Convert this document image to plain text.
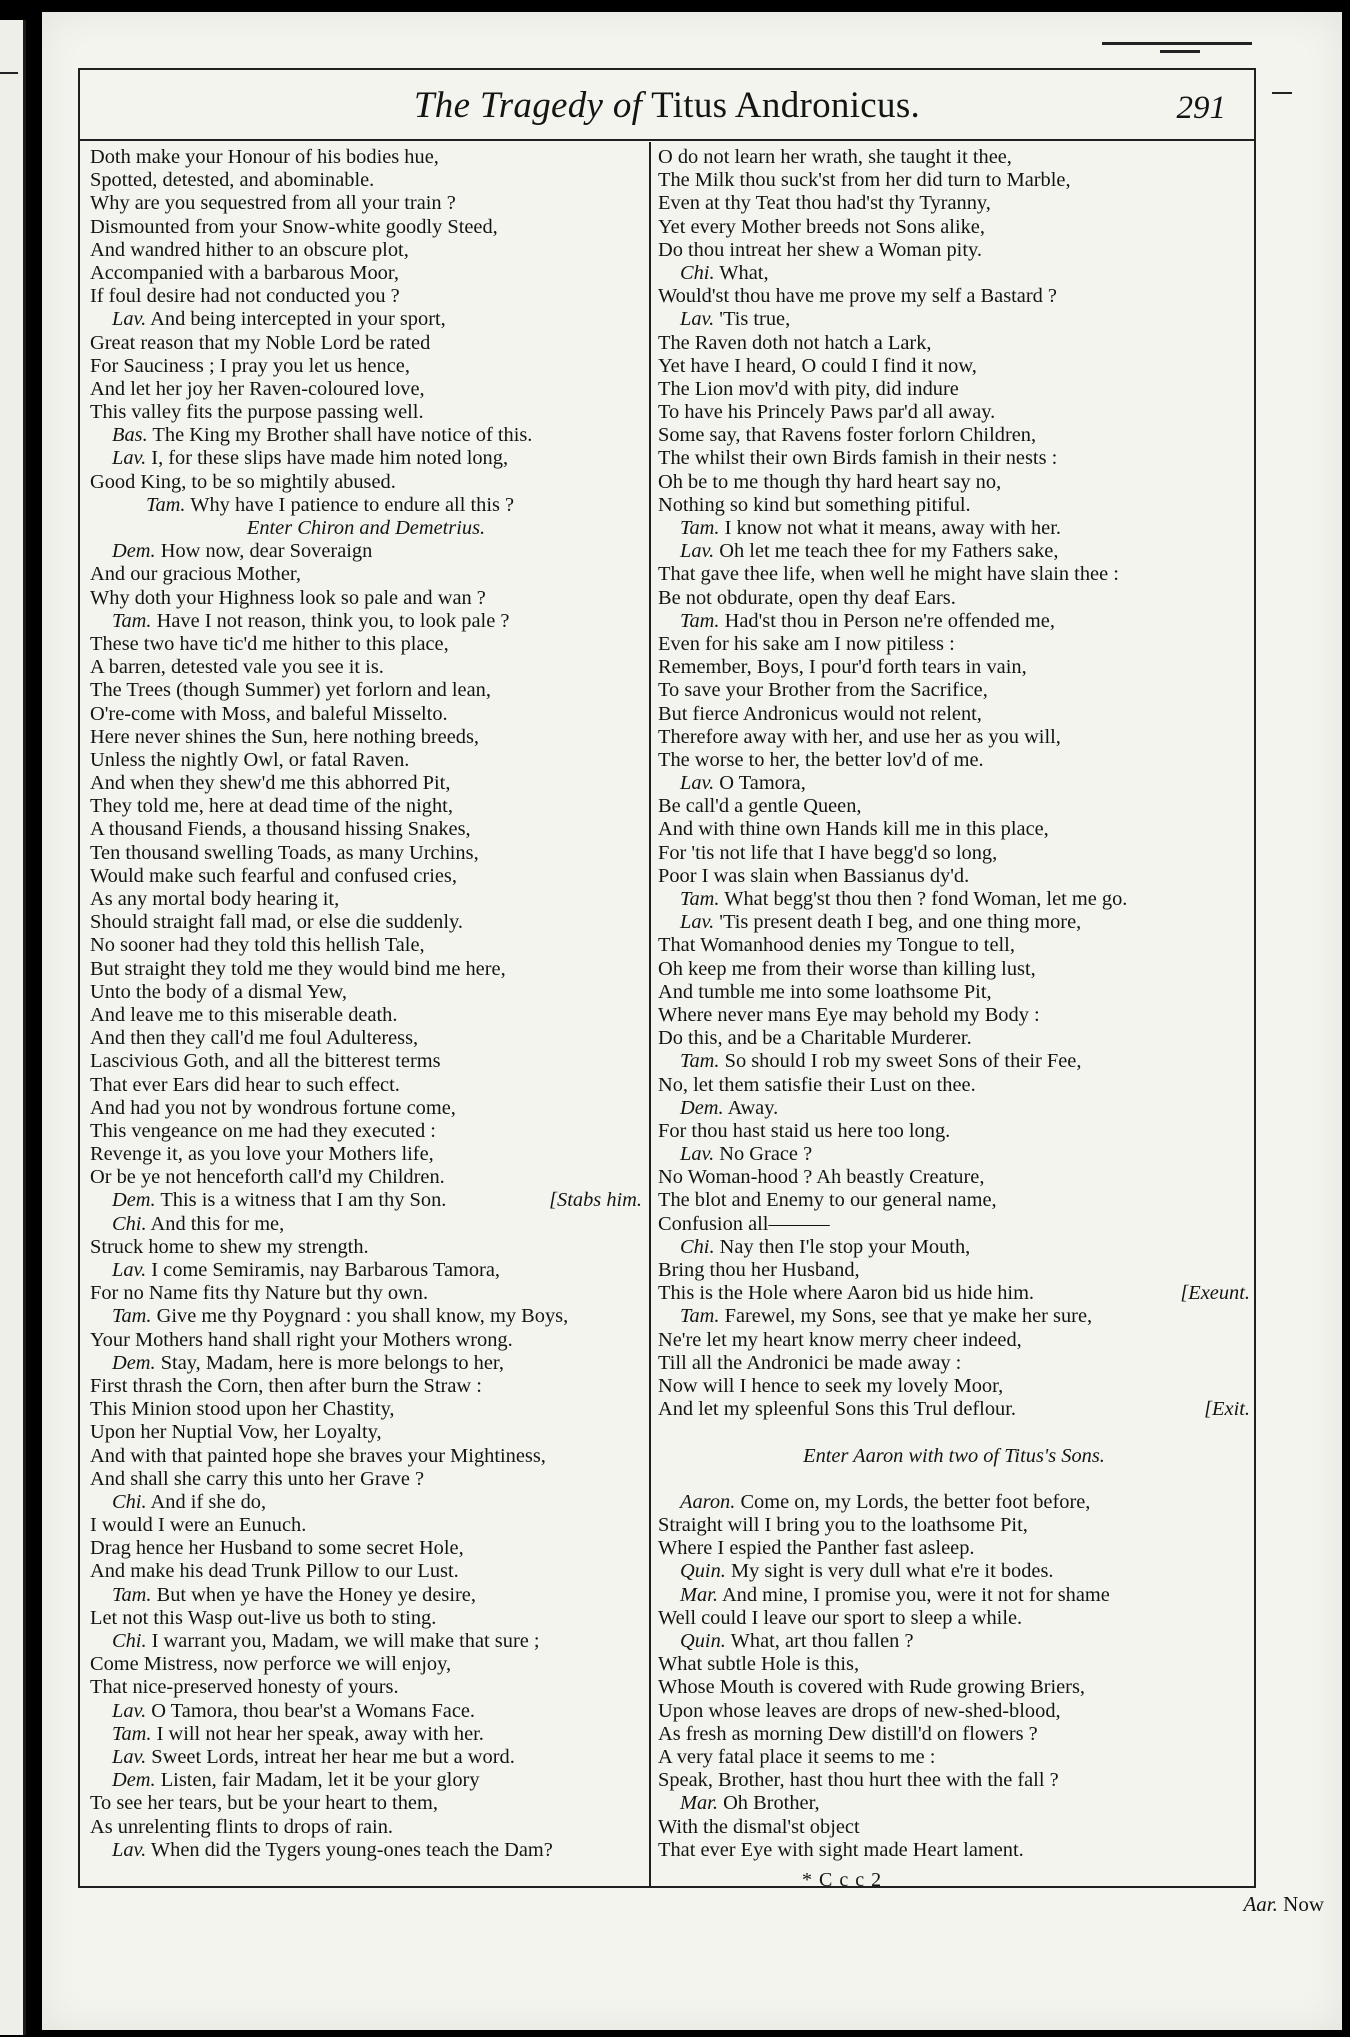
The Tragedy of Titus Andronicus.	291
Doth make your Honour of his bodies hue,
Spotted, detested, and abominable.
Why are you sequestred from all your train ?
Dismounted from your Snow-white goodly Steed,
And wandred hither to an obscure plot,
Accompanied with a barbarous Moor,
If foul desire had not conducted you ?
Lav. And being intercepted in your sport,
Great reason that my Noble Lord be rated
For Sauciness ; I pray you let us hence,
And let her joy her Raven-coloured love,
This valley fits the purpose passing well.
Bas. The King my Brother shall have notice of this.
Lav. I, for these slips have made him noted long,
Good King, to be so mightily abused.
Tam. Why have I patience to endure all this ?
Enter Chiron and Demetrius.
Dem. How now, dear Soveraign
And our gracious Mother,
Why doth your Highness look so pale and wan ?
Tam. Have I not reason, think you, to look pale ?
These two have tic'd me hither to this place,
A barren, detested vale you see it is.
The Trees (though Summer) yet forlorn and lean,
O're-come with Moss, and baleful Misselto.
Here never shines the Sun, here nothing breeds,
Unless the nightly Owl, or fatal Raven.
And when they shew'd me this abhorred Pit,
They told me, here at dead time of the night,
A thousand Fiends, a thousand hissing Snakes,
Ten thousand swelling Toads, as many Urchins,
Would make such fearful and confused cries,
As any mortal body hearing it,
Should straight fall mad, or else die suddenly.
No sooner had they told this hellish Tale,
But straight they told me they would bind me here,
Unto the body of a dismal Yew,
And leave me to this miserable death.
And then they call'd me foul Adulteress,
Lascivious Goth, and all the bitterest terms
That ever Ears did hear to such effect.
And had you not by wondrous fortune come,
This vengeance on me had they executed :
Revenge it, as you love your Mothers life,
Or be ye not henceforth call'd my Children.
Dem. This is a witness that I am thy Son.	[Stabs him.
Chi. And this for me,
Struck home to shew my strength.
Lav. I come Semiramis, nay Barbarous Tamora,
For no Name fits thy Nature but thy own.
Tam. Give me thy Poygnard : you shall know, my Boys,
Your Mothers hand shall right your Mothers wrong.
Dem. Stay, Madam, here is more belongs to her,
First thrash the Corn, then after burn the Straw :
This Minion stood upon her Chastity,
Upon her Nuptial Vow, her Loyalty,
And with that painted hope she braves your Mightiness,
And shall she carry this unto her Grave ?
Chi. And if she do,
I would I were an Eunuch.
Drag hence her Husband to some secret Hole,
And make his dead Trunk Pillow to our Lust.
Tam. But when ye have the Honey ye desire,
Let not this Wasp out-live us both to sting.
Chi. I warrant you, Madam, we will make that sure ;
Come Mistress, now perforce we will enjoy,
That nice-preserved honesty of yours.
Lav. O Tamora, thou bear'st a Womans Face.
Tam. I will not hear her speak, away with her.
Lav. Sweet Lords, intreat her hear me but a word.
Dem. Listen, fair Madam, let it be your glory
To see her tears, but be your heart to them,
As unrelenting flints to drops of rain.
Lav. When did the Tygers young-ones teach the Dam?
O do not learn her wrath, she taught it thee,
The Milk thou suck'st from her did turn to Marble,
Even at thy Teat thou had'st thy Tyranny,
Yet every Mother breeds not Sons alike,
Do thou intreat her shew a Woman pity.
Chi. What,
Would'st thou have me prove my self a Bastard ?
Lav. 'Tis true,
The Raven doth not hatch a Lark,
Yet have I heard, O could I find it now,
The Lion mov'd with pity, did indure
To have his Princely Paws par'd all away.
Some say, that Ravens foster forlorn Children,
The whilst their own Birds famish in their nests :
Oh be to me though thy hard heart say no,
Nothing so kind but something pitiful.
Tam. I know not what it means, away with her.
Lav. Oh let me teach thee for my Fathers sake,
That gave thee life, when well he might have slain thee :
Be not obdurate, open thy deaf Ears.
Tam. Had'st thou in Person ne're offended me,
Even for his sake am I now pitiless :
Remember, Boys, I pour'd forth tears in vain,
To save your Brother from the Sacrifice,
But fierce Andronicus would not relent,
Therefore away with her, and use her as you will,
The worse to her, the better lov'd of me.
Lav. O Tamora,
Be call'd a gentle Queen,
And with thine own Hands kill me in this place,
For 'tis not life that I have begg'd so long,
Poor I was slain when Bassianus dy'd.
Tam. What begg'st thou then ? fond Woman, let me go.
Lav. 'Tis present death I beg, and one thing more,
That Womanhood denies my Tongue to tell,
Oh keep me from their worse than killing lust,
And tumble me into some loathsome Pit,
Where never mans Eye may behold my Body :
Do this, and be a Charitable Murderer.
Tam. So should I rob my sweet Sons of their Fee,
No, let them satisfie their Lust on thee.
Dem. Away.
For thou hast staid us here too long.
Lav. No Grace ?
No Woman-hood ? Ah beastly Creature,
The blot and Enemy to our general name,
Confusion all———
Chi. Nay then I'le stop your Mouth,
Bring thou her Husband,
This is the Hole where Aaron bid us hide him.	[Exeunt.
Tam. Farewel, my Sons, see that ye make her sure,
Ne're let my heart know merry cheer indeed,
Till all the Andronici be made away :
Now will I hence to seek my lovely Moor,
And let my spleenful Sons this Trul deflour.	[Exit.
Enter Aaron with two of Titus's Sons.
Aaron. Come on, my Lords, the better foot before,
Straight will I bring you to the loathsome Pit,
Where I espied the Panther fast asleep.
Quin. My sight is very dull what e're it bodes.
Mar. And mine, I promise you, were it not for shame
Well could I leave our sport to sleep a while.
Quin. What, art thou fallen ?
What subtle Hole is this,
Whose Mouth is covered with Rude growing Briers,
Upon whose leaves are drops of new-shed-blood,
As fresh as morning Dew distill'd on flowers ?
A very fatal place it seems to me :
Speak, Brother, hast thou hurt thee with the fall ?
Mar. Oh Brother,
With the dismal'st object
That ever Eye with sight made Heart lament.
* C c c 2
Aar. Now
